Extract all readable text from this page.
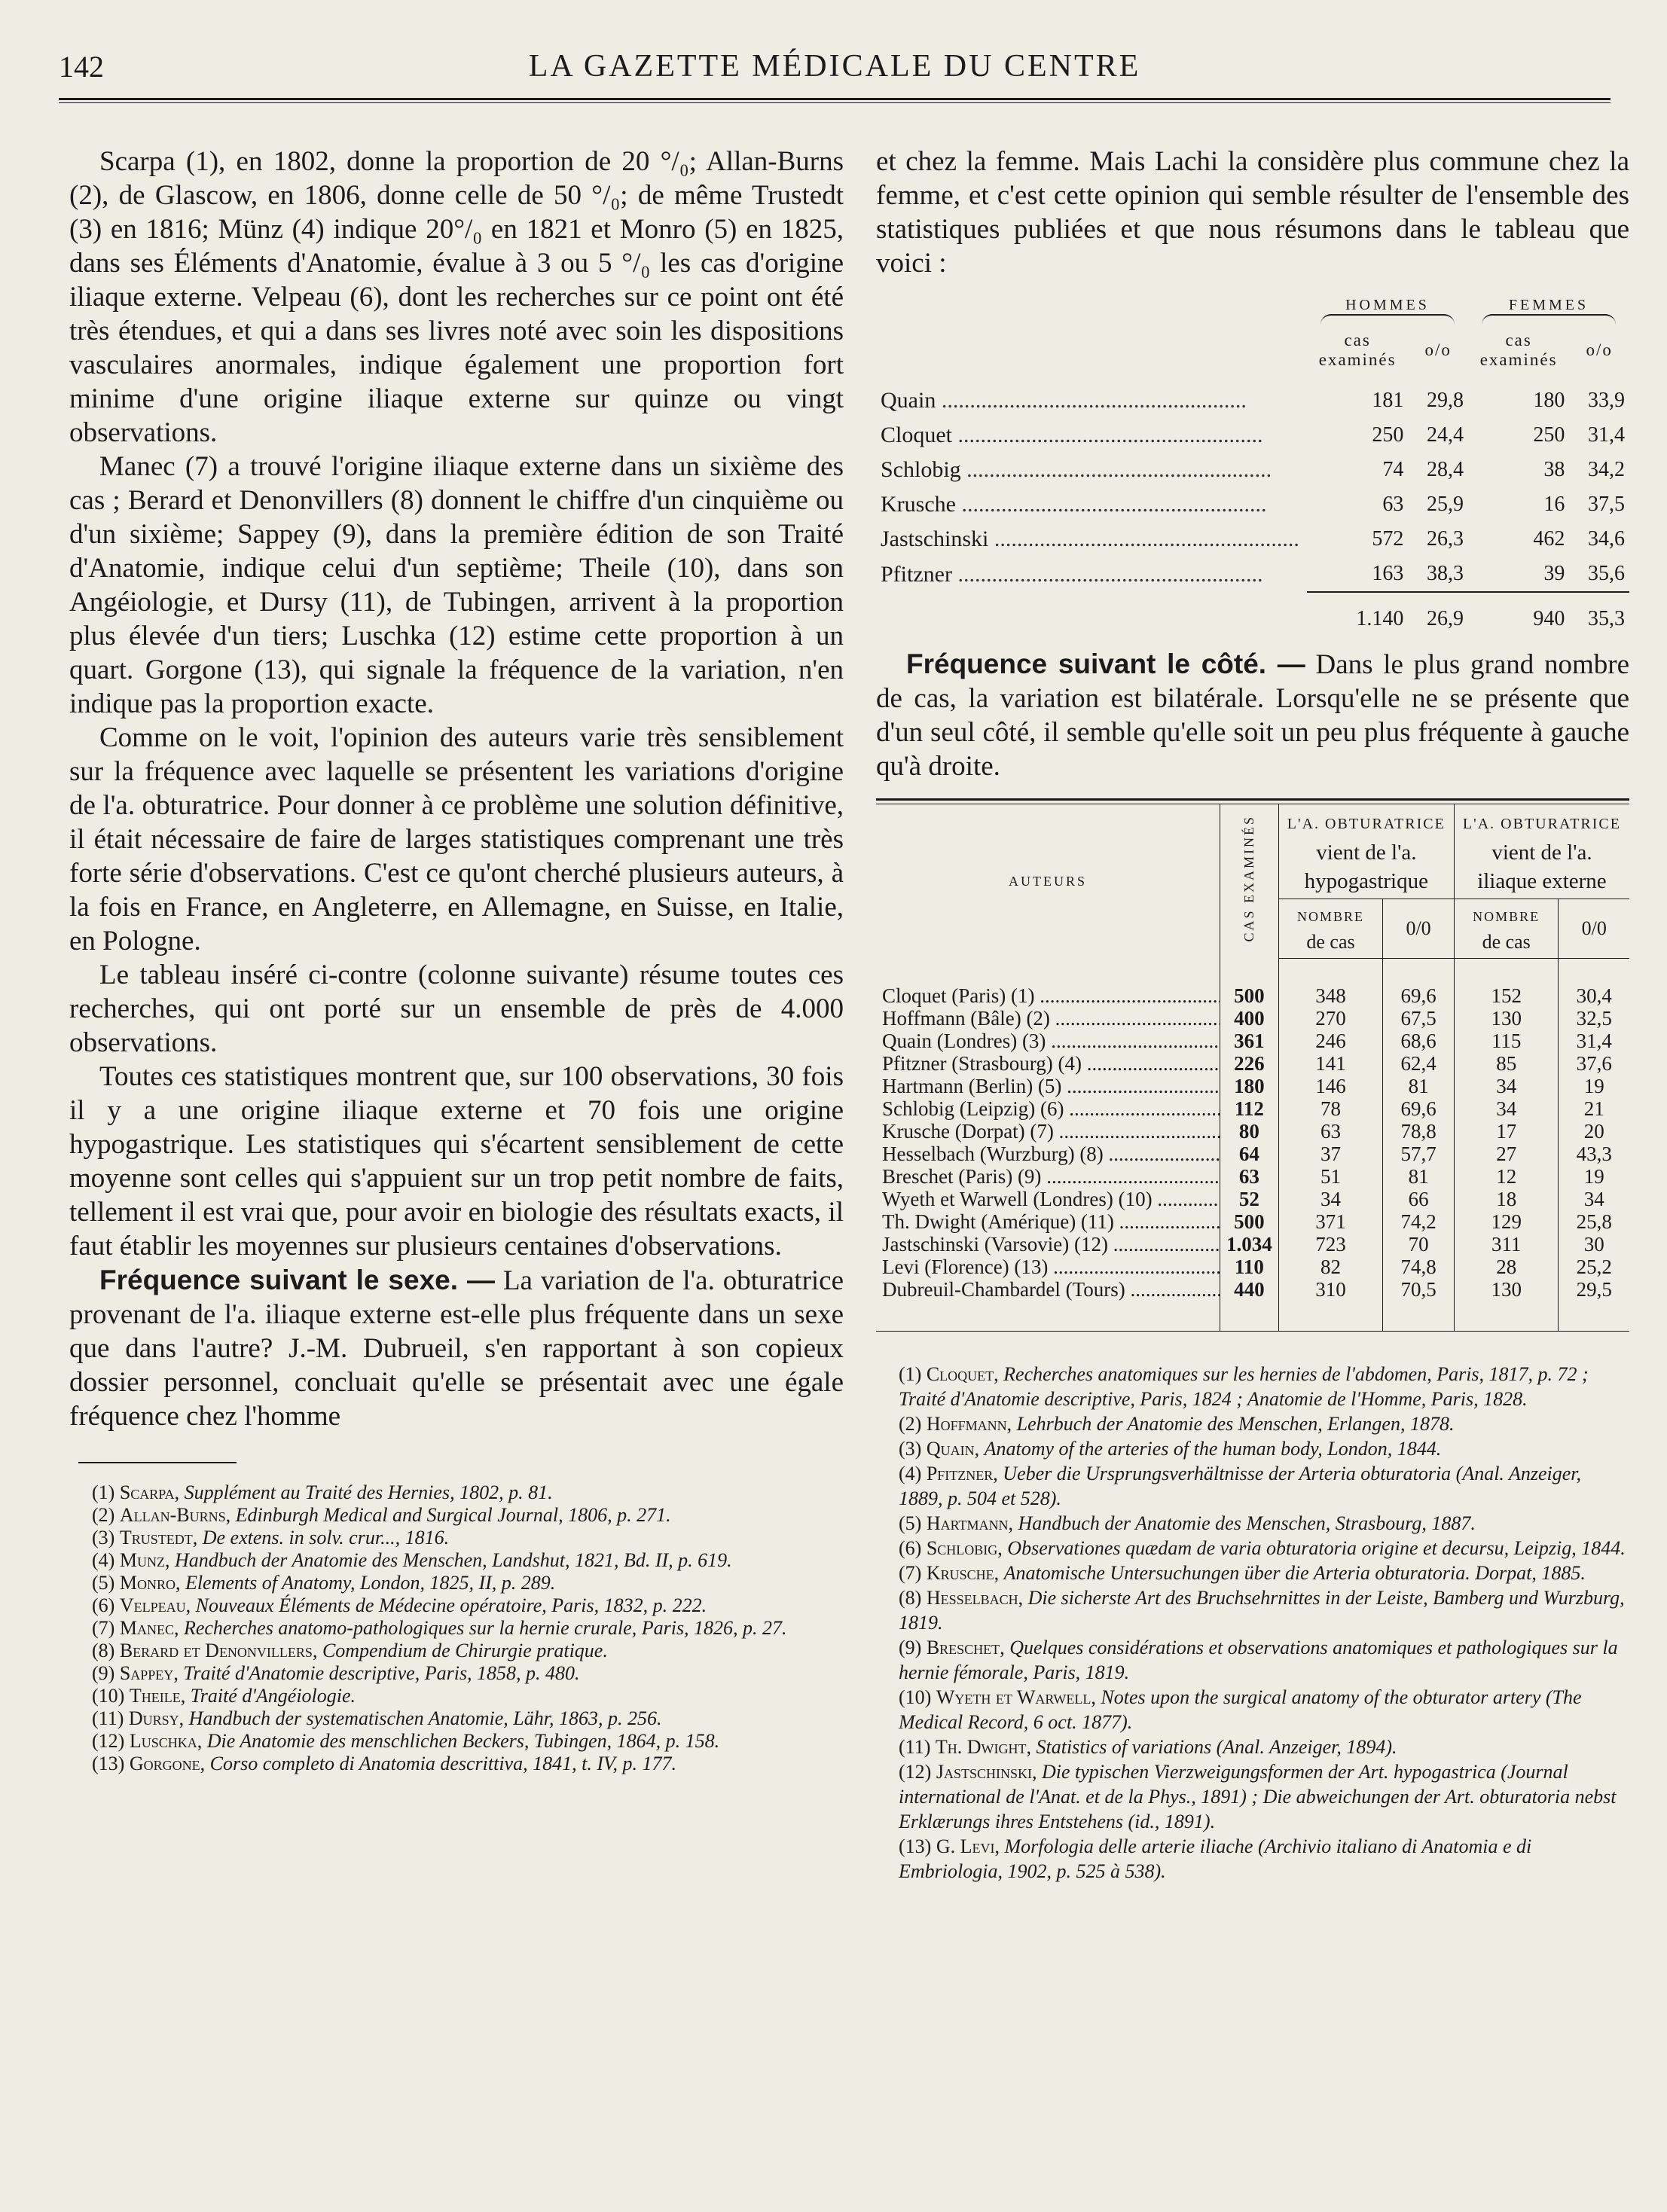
142	LA GAZETTE MÉDICALE DU CENTRE

Scarpa (1), en 1802, donne la proportion de 20 °/₀; Allan-Burns (2), de Glascow, en 1806, donne celle de 50 °/₀; de même Trustedt (3) en 1816; Münz (4) indique 20°/₀ en 1821 et Monro (5) en 1825, dans ses Éléments d'Anatomie, évalue à 3 ou 5 °/₀ les cas d'origine iliaque externe. Velpeau (6), dont les recherches sur ce point ont été très étendues, et qui a dans ses livres noté avec soin les dispositions vasculaires anormales, indique également une proportion fort minime d'une origine iliaque externe sur quinze ou vingt observations.

Manec (7) a trouvé l'origine iliaque externe dans un sixième des cas ; Berard et Denonvillers (8) donnent le chiffre d'un cinquième ou d'un sixième; Sappey (9), dans la première édition de son Traité d'Anatomie, indique celui d'un septième; Theile (10), dans son Angéiologie, et Dursy (11), de Tubingen, arrivent à la proportion plus élevée d'un tiers; Luschka (12) estime cette proportion à un quart. Gorgone (13), qui signale la fréquence de la variation, n'en indique pas la proportion exacte.

Comme on le voit, l'opinion des auteurs varie très sensiblement sur la fréquence avec laquelle se présentent les variations d'origine de l'a. obturatrice. Pour donner à ce problème une solution définitive, il était nécessaire de faire de larges statistiques comprenant une très forte série d'observations. C'est ce qu'ont cherché plusieurs auteurs, à la fois en France, en Angleterre, en Allemagne, en Suisse, en Italie, en Pologne.

Le tableau inséré ci-contre (colonne suivante) résume toutes ces recherches, qui ont porté sur un ensemble de près de 4.000 observations.

Toutes ces statistiques montrent que, sur 100 observations, 30 fois il y a une origine iliaque externe et 70 fois une origine hypogastrique. Les statistiques qui s'écartent sensiblement de cette moyenne sont celles qui s'appuient sur un trop petit nombre de faits, tellement il est vrai que, pour avoir en biologie des résultats exacts, il faut établir les moyennes sur plusieurs centaines d'observations.

Fréquence suivant le sexe. — La variation de l'a. obturatrice provenant de l'a. iliaque externe est-elle plus fréquente dans un sexe que dans l'autre? J.-M. Dubrueil, s'en rapportant à son copieux dossier personnel, concluait qu'elle se présentait avec une égale fréquence chez l'homme

(1) Scarpa, Supplément au Traité des Hernies, 1802, p. 81.

(2) Allan-Burns, Edinburgh Medical and Surgical Journal, 1806, p. 271.

(3) Trustedt, De extens. in solv. crur..., 1816.

(4) Munz, Handbuch der Anatomie des Menschen, Landshut, 1821, Bd. II, p. 619.

(5) Monro, Elements of Anatomy, London, 1825, II, p. 289.

(6) Velpeau, Nouveaux Éléments de Médecine opératoire, Paris, 1832, p. 222.

(7) Manec, Recherches anatomo-pathologiques sur la hernie crurale, Paris, 1826, p. 27.

(8) Berard et Denonvillers, Compendium de Chirurgie pratique.

(9) Sappey, Traité d'Anatomie descriptive, Paris, 1858, p. 480.

(10) Theile, Traité d'Angéiologie.

(11) Dursy, Handbuch der systematischen Anatomie, Lähr, 1863, p. 256.

(12) Luschka, Die Anatomie des menschlichen Beckers, Tubingen, 1864, p. 158.

(13) Gorgone, Corso completo di Anatomia descrittiva, 1841, t. IV, p. 177.

et chez la femme. Mais Lachi la considère plus commune chez la femme, et c'est cette opinion qui semble résulter de l'ensemble des statistiques publiées et que nous résumons dans le tableau que voici :

	HOMMES		FEMMES	

	cas
examinés	o/o	cas
examinés	o/o
Quain .....	181	29,8	180	33,9
Cloquet .....	250	24,4	250	31,4
Schlobig .....	74	28,4	38	34,2
Krusche .....	63	25,9	16	37,5
Jastschinski .....	572	26,3	462	34,6
Pfitzner .....	163	38,3	39	35,6
	1.140	26,9	940	35,3

Fréquence suivant le côté. — Dans le plus grand nombre de cas, la variation est bilatérale. Lorsqu'elle ne se présente que d'un seul côté, il semble qu'elle soit un peu plus fréquente à gauche qu'à droite.

AUTEURS	CAS EXAMINÉS	L'A. OBTURATRICE
vient de l'a.
hypogastrique		L'A. OBTURATRICE
vient de l'a.
iliaque externe	
		NOMBRE
de cas	0/0	NOMBRE
de cas	0/0
Cloquet (Paris) (1) .....	500	348	69,6	152	30,4
Hoffmann (Bâle) (2) .....	400	270	67,5	130	32,5
Quain (Londres) (3) .....	361	246	68,6	115	31,4
Pfitzner (Strasbourg) (4) .....	226	141	62,4	85	37,6
Hartmann (Berlin) (5) .....	180	146	81	34	19
Schlobig (Leipzig) (6) .....	112	78	69,6	34	21
Krusche (Dorpat) (7) .....	80	63	78,8	17	20
Hesselbach (Wurzburg) (8) .....	64	37	57,7	27	43,3
Breschet (Paris) (9) .....	63	51	81	12	19
Wyeth et Warwell (Londres) (10) .....	52	34	66	18	34
Th. Dwight (Amérique) (11) .....	500	371	74,2	129	25,8
Jastschinski (Varsovie) (12) .....	1.034	723	70	311	30
Levi (Florence) (13) .....	110	82	74,8	28	25,2
Dubreuil-Chambardel (Tours) .....	440	310	70,5	130	29,5

(1) Cloquet, Recherches anatomiques sur les hernies de l'abdomen, Paris, 1817, p. 72 ; Traité d'Anatomie descriptive, Paris, 1824 ; Anatomie de l'Homme, Paris, 1828.

(2) Hoffmann, Lehrbuch der Anatomie des Menschen, Erlangen, 1878.

(3) Quain, Anatomy of the arteries of the human body, London, 1844.

(4) Pfitzner, Ueber die Ursprungsverhältnisse der Arteria obturatoria (Anal. Anzeiger, 1889, p. 504 et 528).

(5) Hartmann, Handbuch der Anatomie des Menschen, Strasbourg, 1887.

(6) Schlobig, Observationes quædam de varia obturatoria origine et decursu, Leipzig, 1844.

(7) Krusche, Anatomische Untersuchungen über die Arteria obturatoria. Dorpat, 1885.

(8) Hesselbach, Die sicherste Art des Bruchsehrnittes in der Leiste, Bamberg und Wurzburg, 1819.

(9) Breschet, Quelques considérations et observations anatomiques et pathologiques sur la hernie fémorale, Paris, 1819.

(10) Wyeth et Warwell, Notes upon the surgical anatomy of the obturator artery (The Medical Record, 6 oct. 1877).

(11) Th. Dwight, Statistics of variations (Anal. Anzeiger, 1894).

(12) Jastschinski, Die typischen Vierzweigungsformen der Art. hypogastrica (Journal international de l'Anat. et de la Phys., 1891) ; Die abweichungen der Art. obturatoria nebst Erklærungs ihres Entstehens (id., 1891).

(13) G. Levi, Morfologia delle arterie iliache (Archivio italiano di Anatomia e di Embriologia, 1902, p. 525 à 538).
